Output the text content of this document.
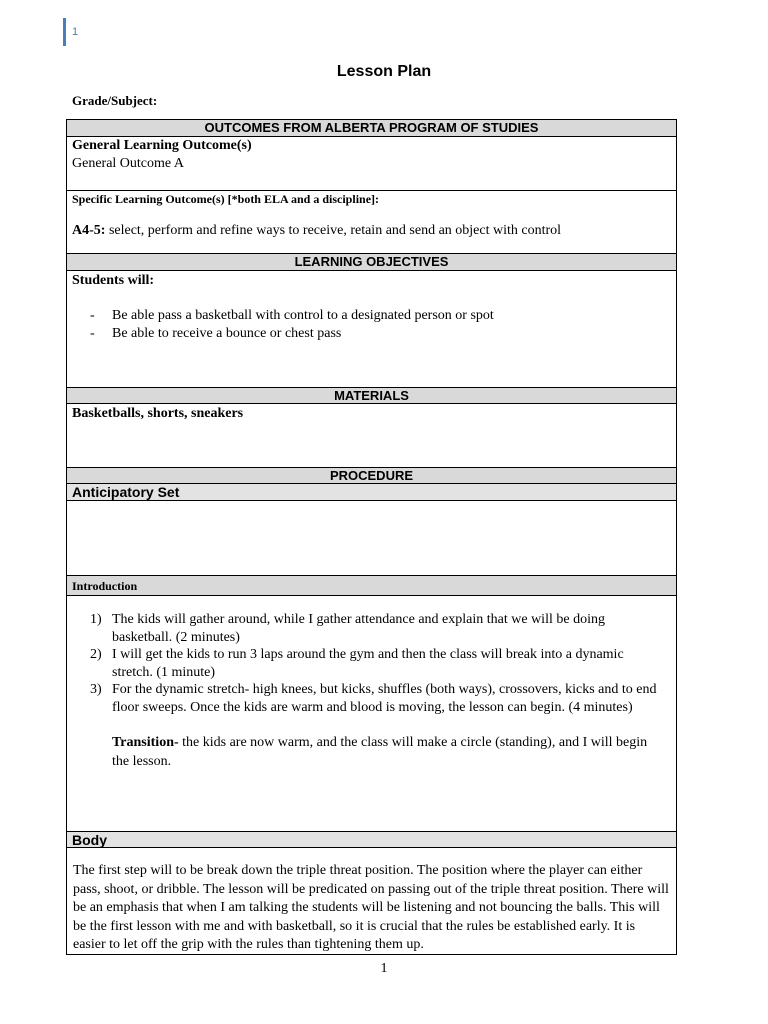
1
Lesson Plan
Grade/Subject:
OUTCOMES FROM ALBERTA PROGRAM OF STUDIES
General Learning Outcome(s)
General Outcome A
Specific Learning Outcome(s) [*both ELA and a discipline]:
A4-5: select, perform and refine ways to receive, retain and send an object with control
LEARNING OBJECTIVES
Students will:
- Be able pass a basketball with control to a designated person or spot
- Be able to receive a bounce or chest pass
MATERIALS
Basketballs, shorts, sneakers
PROCEDURE
Anticipatory Set
Introduction
1) The kids will gather around, while I gather attendance and explain that we will be doing basketball. (2 minutes)
2) I will get the kids to run 3 laps around the gym and then the class will break into a dynamic stretch. (1 minute)
3) For the dynamic stretch- high knees, but kicks, shuffles (both ways), crossovers, kicks and to end floor sweeps. Once the kids are warm and blood is moving, the lesson can begin. (4 minutes)
Transition- the kids are now warm, and the class will make a circle (standing), and I will begin the lesson.
Body
The first step will to be break down the triple threat position. The position where the player can either pass, shoot, or dribble. The lesson will be predicated on passing out of the triple threat position. There will be an emphasis that when I am talking the students will be listening and not bouncing the balls. This will be the first lesson with me and with basketball, so it is crucial that the rules be established early. It is easier to let off the grip with the rules than tightening them up.
1
